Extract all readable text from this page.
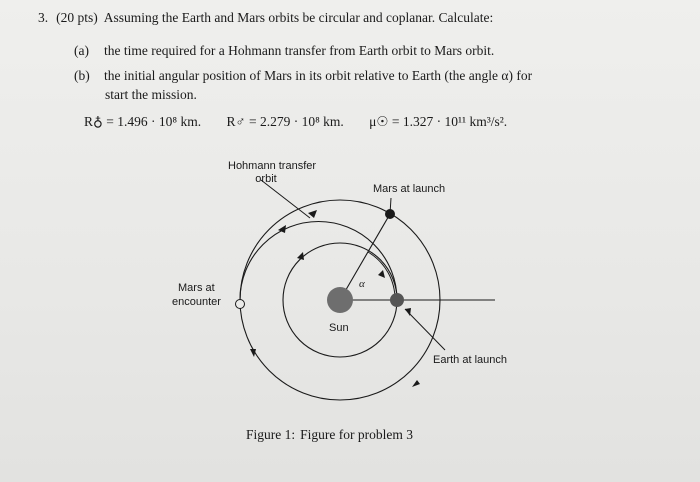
3. (20 pts) Assuming the Earth and Mars orbits be circular and coplanar. Calculate:
(a) the time required for a Hohmann transfer from Earth orbit to Mars orbit.
(b) the initial angular position of Mars in its orbit relative to Earth (the angle α) for
start the mission.
R♁ = 1.496 · 10⁸ km. R♂ = 2.279 · 10⁸ km. μ☉ = 1.327 · 10¹¹ km³/s².
Hohmann transfer
orbit
Mars at launch
Mars at
encounter
Sun
Earth at launch
α
Figure 1: Figure for problem 3
